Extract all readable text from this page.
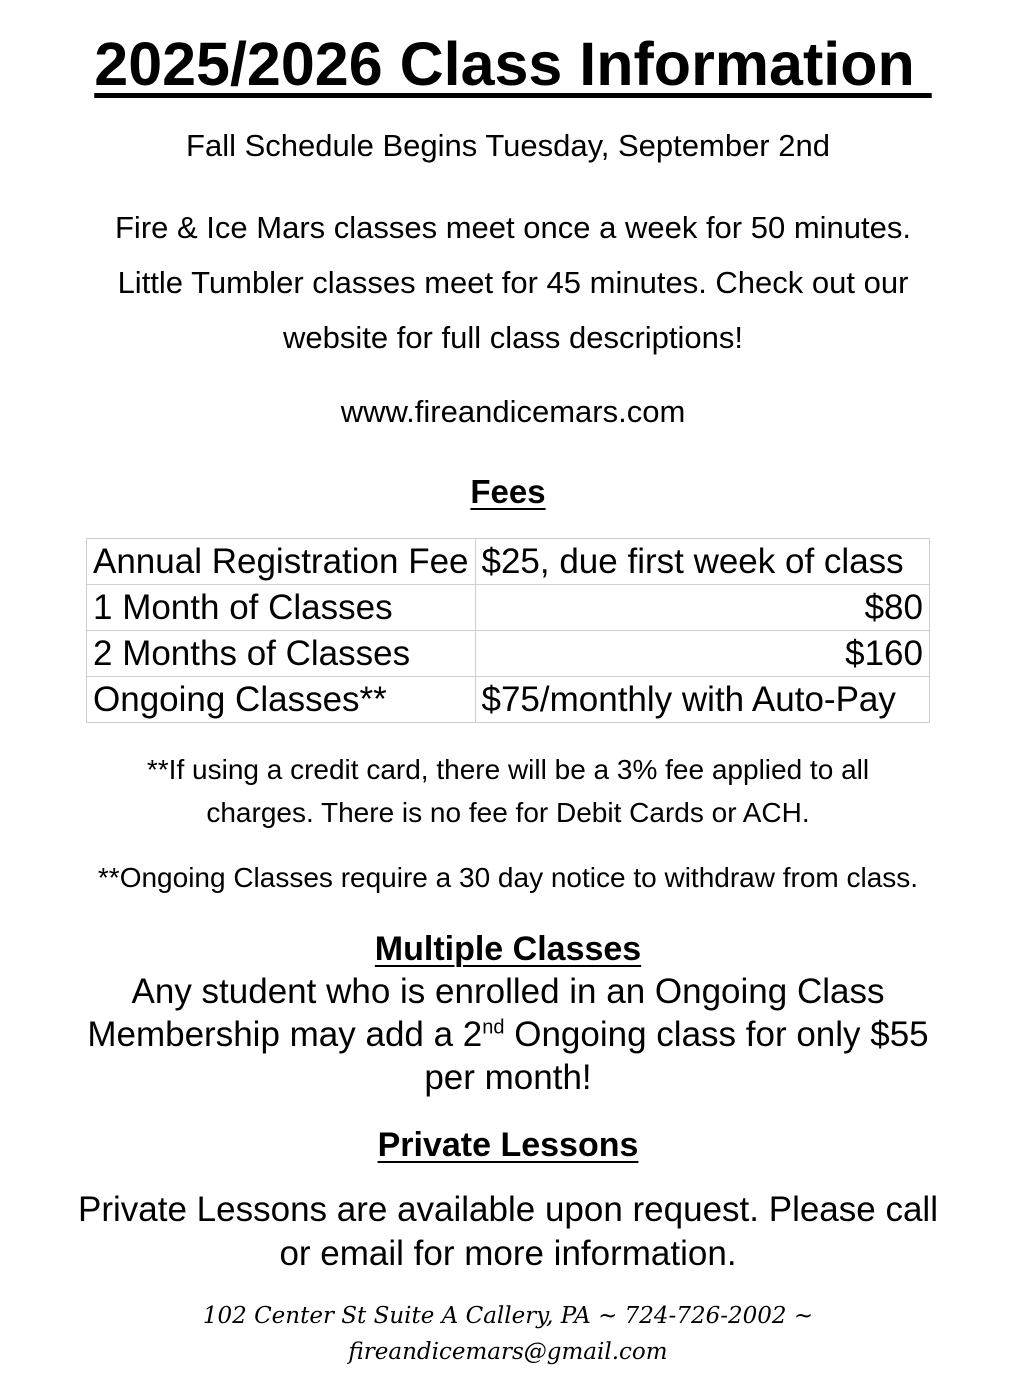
2025/2026 Class Information
Fall Schedule Begins Tuesday, September 2nd
Fire & Ice Mars classes meet once a week for 50 minutes.
Little Tumbler classes meet for 45 minutes. Check out our
website for full class descriptions!
www.fireandicemars.com
Fees
Annual Registration Fee	$25, due first week of class
1 Month of Classes	$80
2 Months of Classes	$160
Ongoing Classes**	$75/monthly with Auto-Pay
**If using a credit card, there will be a 3% fee applied to all
charges. There is no fee for Debit Cards or ACH.
**Ongoing Classes require a 30 day notice to withdraw from class.
Multiple Classes
Any student who is enrolled in an Ongoing Class
Membership may add a 2nd Ongoing class for only $55
per month!
Private Lessons
Private Lessons are available upon request. Please call
or email for more information.
102 Center St Suite A Callery, PA ~ 724-726-2002 ~
fireandicemars@gmail.com
